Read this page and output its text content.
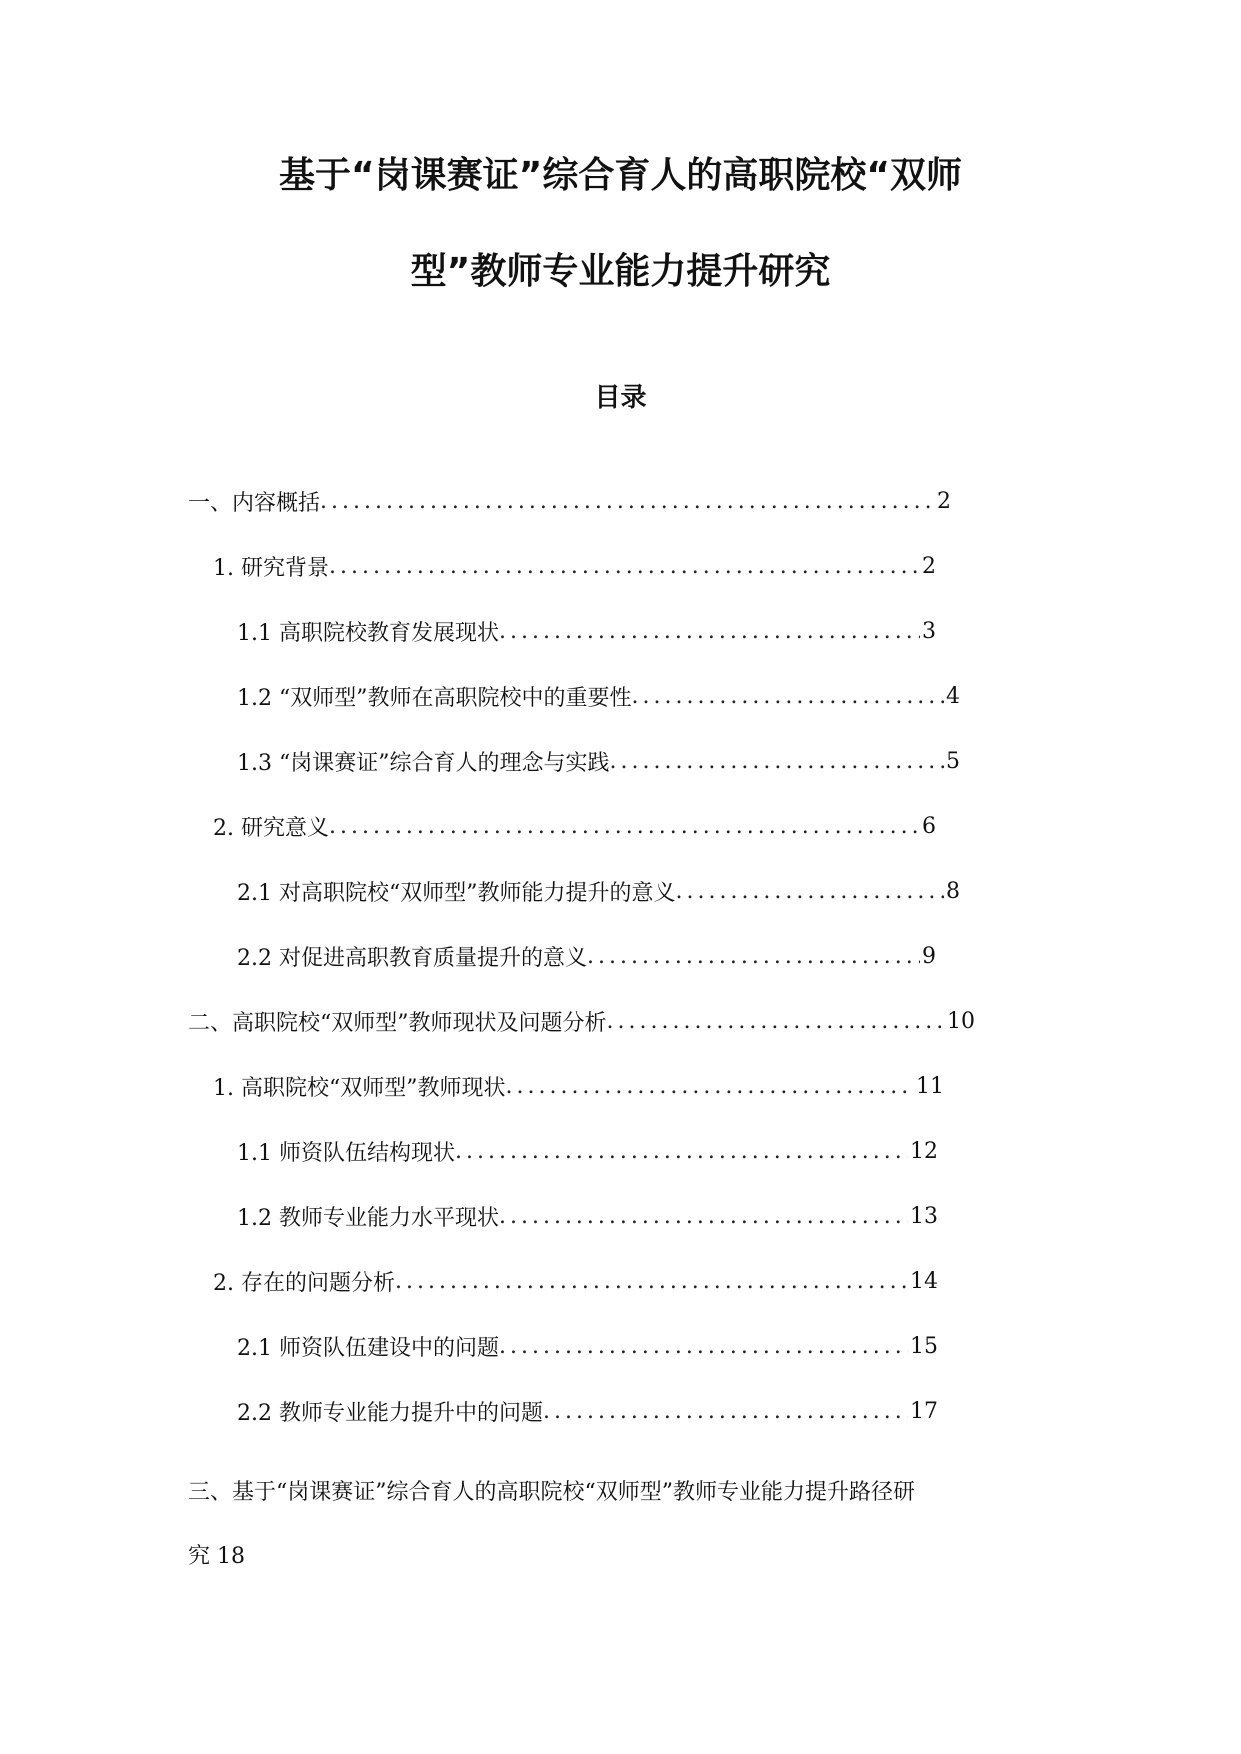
基于“岗课赛证”综合育人的高职院校“双师
型”教师专业能力提升研究
目录
一、内容概括 .....	2
1. 研究背景 .....	2
1.1 高职院校教育发展现状 .....	3
1.2 “双师型”教师在高职院校中的重要性 .....	4
1.3 “岗课赛证”综合育人的理念与实践 .....	5
2. 研究意义 .....	6
2.1 对高职院校“双师型”教师能力提升的意义 .....	8
2.2 对促进高职教育质量提升的意义 .....	9
二、高职院校“双师型”教师现状及问题分析 .....	10
1. 高职院校“双师型”教师现状 .....	11
1.1 师资队伍结构现状 .....	12
1.2 教师专业能力水平现状 .....	13
2. 存在的问题分析 .....	14
2.1 师资队伍建设中的问题 .....	15
2.2 教师专业能力提升中的问题 .....	17
三、基于“岗课赛证”综合育人的高职院校“双师型”教师专业能力提升路径研
究 18
